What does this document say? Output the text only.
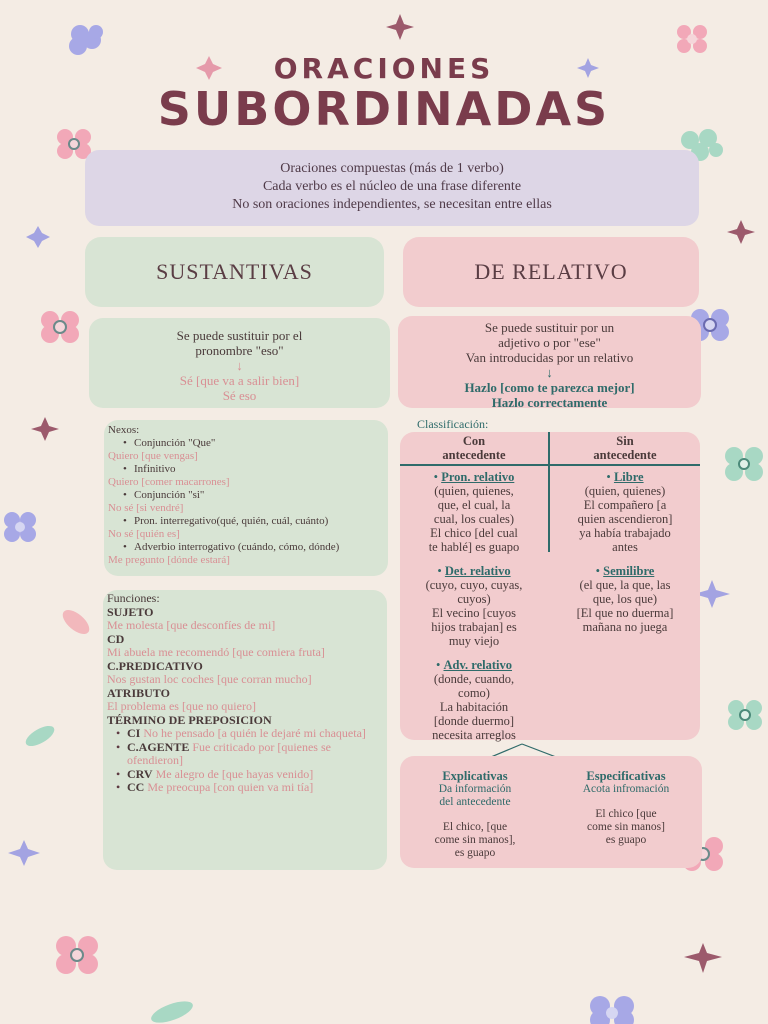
ORACIONES
SUBORDINADAS
Oraciones compuestas (más de 1 verbo)
Cada verbo es el núcleo de una frase diferente
No son oraciones independientes, se necesitan entre ellas
SUSTANTIVAS	DE RELATIVO
Se puede sustituir por el
pronombre "eso"
↓
Sé [que va a salir bien]
Sé eso
Se puede sustituir por un
adjetivo o por "ese"
Van introducidas por un relativo
↓
Hazlo [como te parezca mejor]
Hazlo correctamente
Nexos:
• Conjunción "Que"
Quiero [que vengas]
• Infinitivo
Quiero [comer macarrones]
• Conjunción "si"
No sé [si vendré]
• Pron. interregativo(qué, quién, cuál, cuánto)
No sé [quién es]
• Adverbio interrogativo (cuándo, cómo, dónde)
Me pregunto [dónde estará]
Funciones:
SUJETO
Me molesta [que desconfíes de mi]
CD
Mi abuela me recomendó [que comiera fruta]
C.PREDICATIVO
Nos gustan loc coches [que corran mucho]
ATRIBUTO
El problema es [que no quiero]
TÉRMINO DE PREPOSICION
• CI No he pensado [a quién le dejaré mi chaqueta]
• C.AGENTE Fue criticado por [quienes se ofendieron]
• CRV Me alegro de [que hayas venido]
• CC Me preocupa [con quien va mi tía]
Classificación:
Con
antecedente
Sin
antecedente
• Pron. relativo
(quien, quienes,
que, el cual, la
cual, los cuales)
El chico [del cual
te hablé] es guapo
• Det. relativo
(cuyo, cuyo, cuyas,
cuyos)
El vecino [cuyos
hijos trabajan] es
muy viejo
• Adv. relativo
(donde, cuando,
como)
La habitación
[donde duermo]
necesita arreglos
• Libre
(quien, quienes)
El compañero [a
quien ascendieron]
ya había trabajado
antes
• Semilibre
(el que, la que, las
que, los que)
[El que no duerma]
mañana no juega
Explicativas
Da información
del antecedente
El chico, [que
come sin manos],
es guapo
Especificativas
Acota infromación
El chico [que
come sin manos]
es guapo
